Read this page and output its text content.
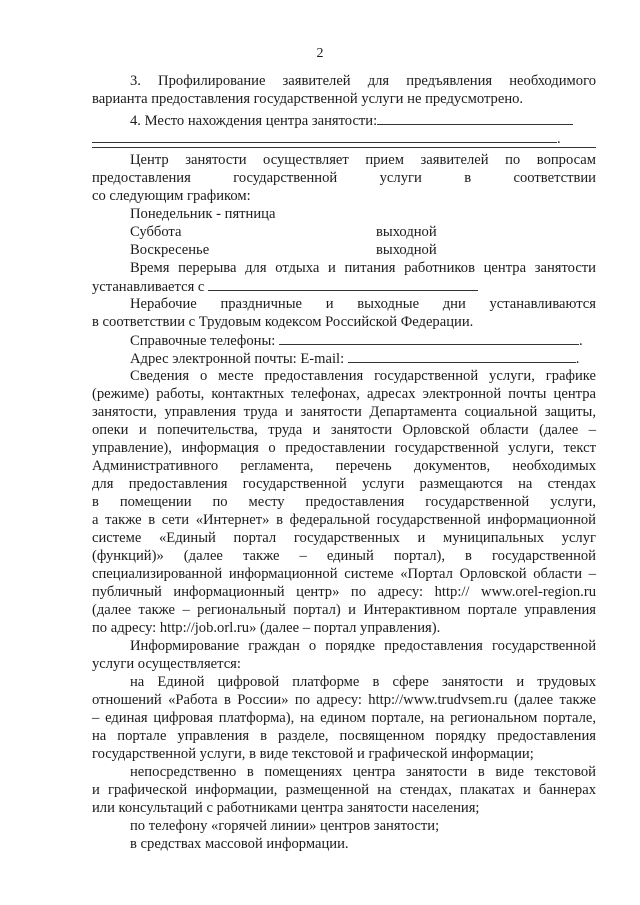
2
3. Профилирование заявителей для предъявления необходимого
варианта предоставления государственной услуги не предусмотрено.
4. Место нахождения центра занятости:
.
Центр занятости осуществляет прием заявителей по вопросам
предоставления государственной услуги в соответствии
со следующим графиком:
Понедельник - пятница
Суббота	выходной
Воскресенье	выходной
Время перерыва для отдыха и питания работников центра занятости
устанавливается с
Нерабочие праздничные и выходные дни устанавливаются
в соответствии с Трудовым кодексом Российской Федерации.
Справочные телефоны:	.
Адрес электронной почты: E-mail:	.
Сведения о месте предоставления государственной услуги, графике
(режиме) работы, контактных телефонах, адресах электронной почты центра
занятости, управления труда и занятости Департамента социальной защиты,
опеки и попечительства, труда и занятости Орловской области (далее –
управление), информация о предоставлении государственной услуги, текст
Административного регламента, перечень документов, необходимых
для предоставления государственной услуги размещаются на стендах
в помещении по месту предоставления государственной услуги,
а также в сети «Интернет» в федеральной государственной информационной
системе «Единый портал государственных и муниципальных услуг
(функций)» (далее также – единый портал), в государственной
специализированной информационной системе «Портал Орловской области –
публичный информационный центр» по адресу: http:// www.orel-region.ru
(далее также – региональный портал) и Интерактивном портале управления
по адресу: http://job.orl.ru» (далее – портал управления).
Информирование граждан о порядке предоставления государственной
услуги осуществляется:
на Единой цифровой платформе в сфере занятости и трудовых
отношений «Работа в России» по адресу: http://www.trudvsem.ru (далее также
– единая цифровая платформа), на едином портале, на региональном портале,
на портале управления в разделе, посвященном порядку предоставления
государственной услуги, в виде текстовой и графической информации;
непосредственно в помещениях центра занятости в виде текстовой
и графической информации, размещенной на стендах, плакатах и баннерах
или консультаций с работниками центра занятости населения;
по телефону «горячей линии» центров занятости;
в средствах массовой информации.
